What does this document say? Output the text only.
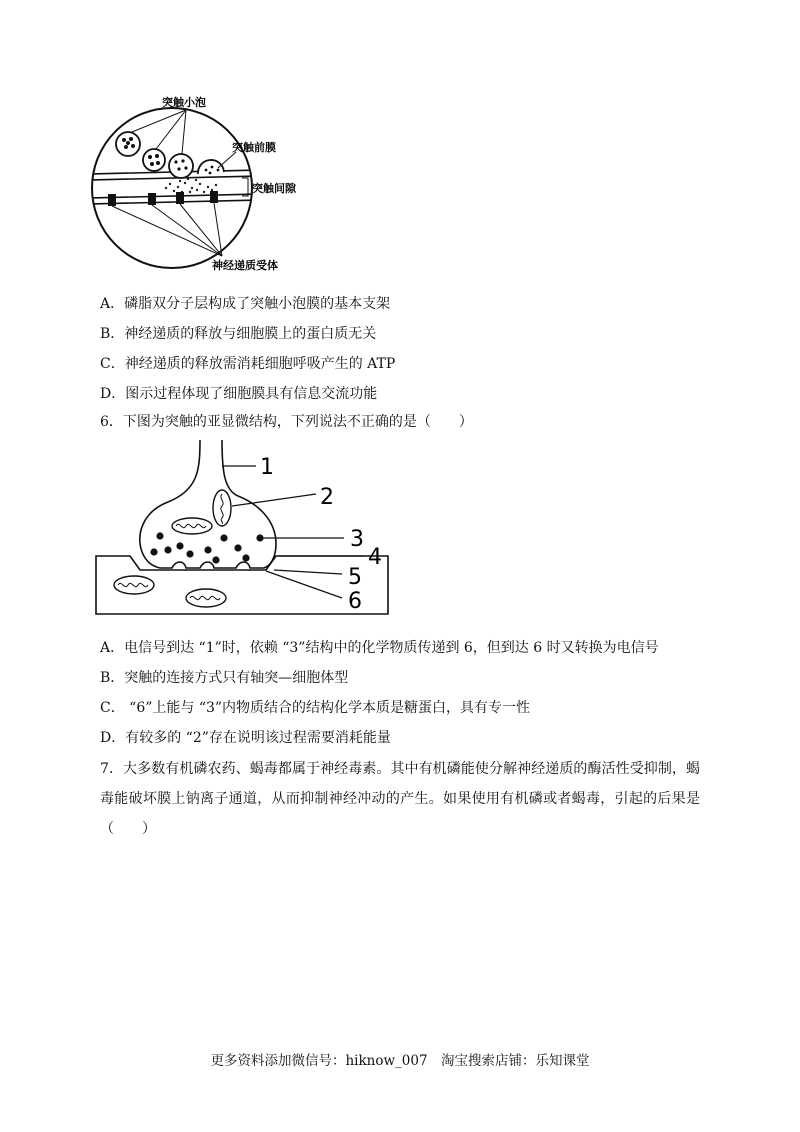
突触小泡
突触前膜
突触间隙
神经递质受体
A．磷脂双分子层构成了突触小泡膜的基本支架
B．神经递质的释放与细胞膜上的蛋白质无关
C．神经递质的释放需消耗细胞呼吸产生的 ATP
D．图示过程体现了细胞膜具有信息交流功能
6．下图为突触的亚显微结构，下列说法不正确的是（　　）
1
2
3
4
5
6
A．电信号到达 “1”时，依赖 “3”结构中的化学物质传递到 6，但到达 6 时又转换为电信号
B．突触的连接方式只有轴突—细胞体型
C． “6”上能与 “3”内物质结合的结构化学本质是糖蛋白，具有专一性
D．有较多的 “2”存在说明该过程需要消耗能量
7．大多数有机磷农药、蝎毒都属于神经毒素。其中有机磷能使分解神经递质的酶活性受抑制，蝎毒能破坏膜上钠离子通道，从而抑制神经冲动的产生。如果使用有机磷或者蝎毒，引起的后果是（　　）
更多资料添加微信号：hiknow_007　淘宝搜索店铺：乐知课堂
